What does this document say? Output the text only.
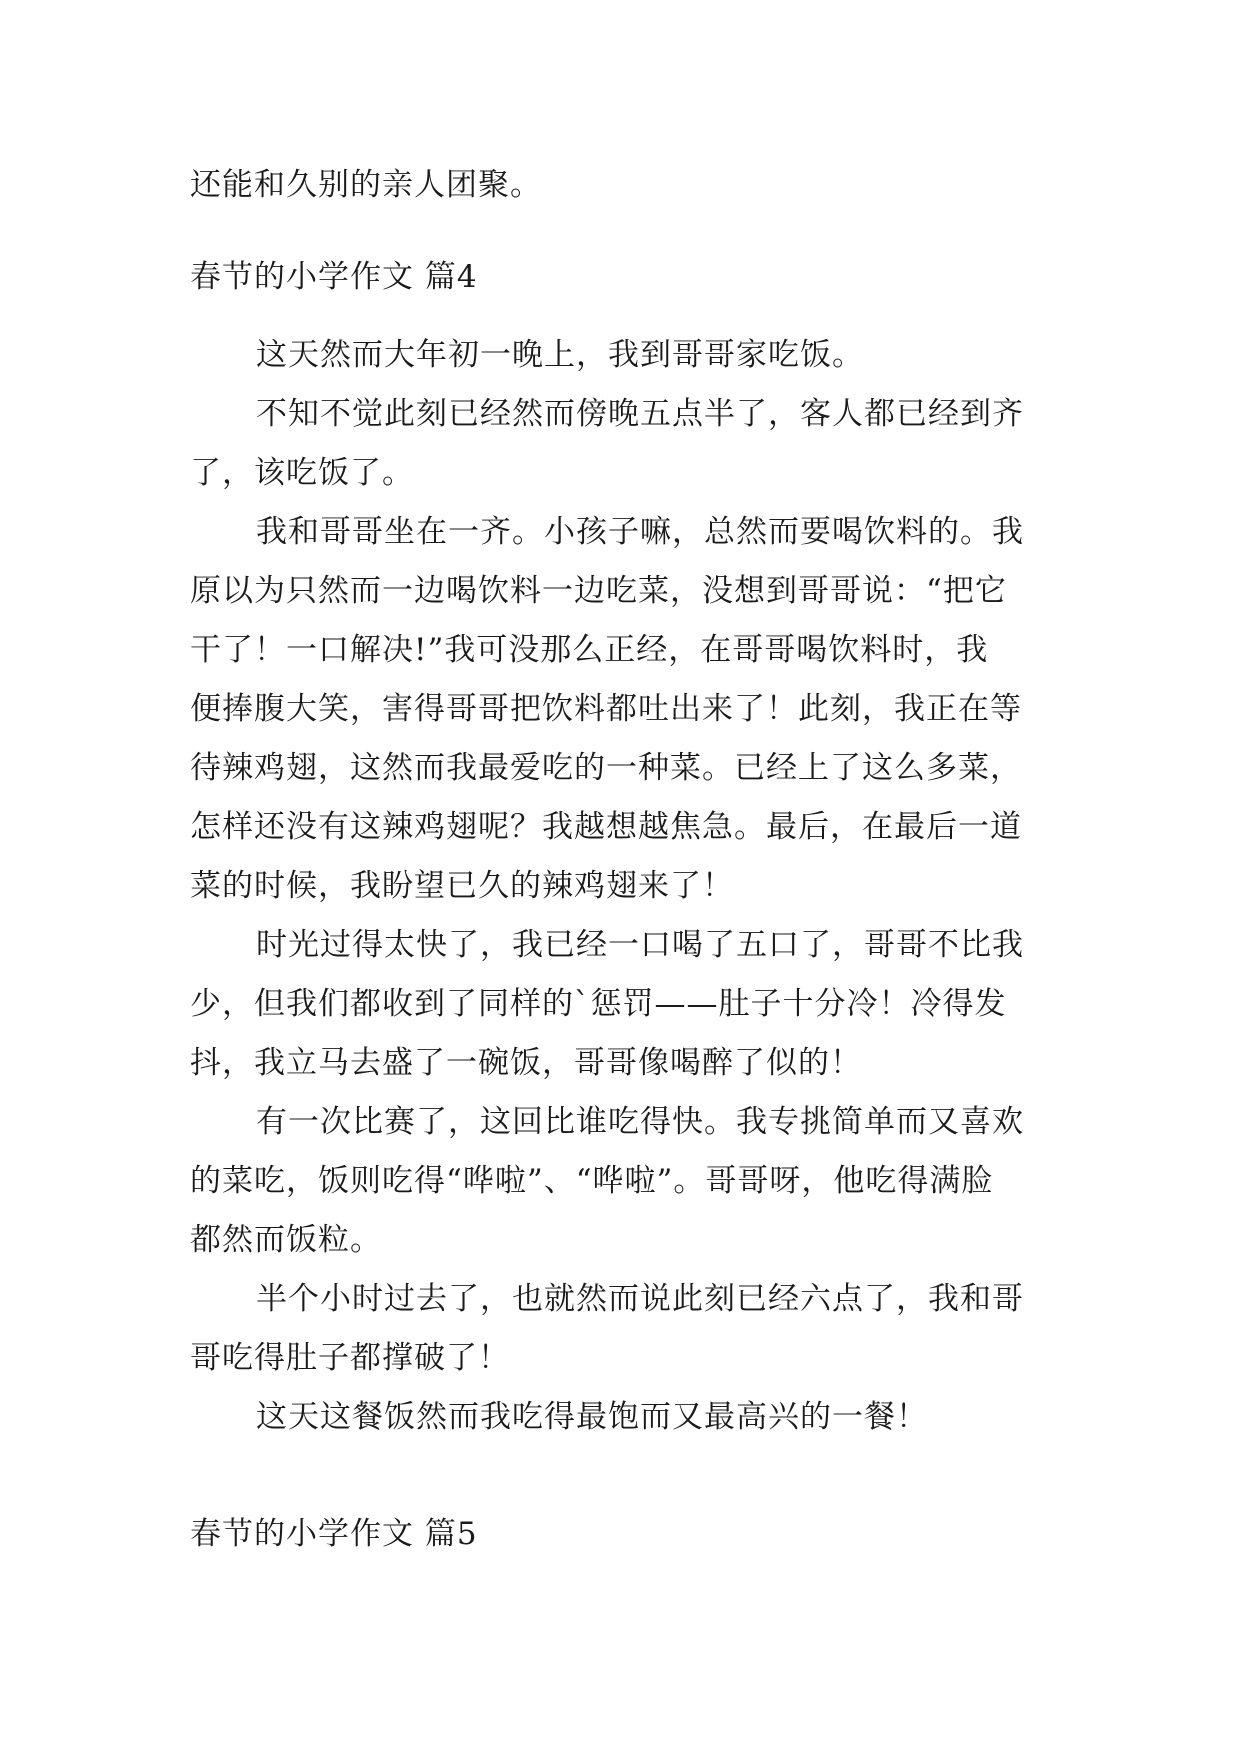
还能和久别的亲人团聚。
春节的小学作文 篇4
这天然而大年初一晚上，我到哥哥家吃饭。
不知不觉此刻已经然而傍晚五点半了，客人都已经到齐
了，该吃饭了。
我和哥哥坐在一齐。小孩子嘛，总然而要喝饮料的。我
原以为只然而一边喝饮料一边吃菜，没想到哥哥说：“把它
干了！一口解决!”我可没那么正经，在哥哥喝饮料时，我
便捧腹大笑，害得哥哥把饮料都吐出来了！此刻，我正在等
待辣鸡翅，这然而我最爱吃的一种菜。已经上了这么多菜，
怎样还没有这辣鸡翅呢？我越想越焦急。最后，在最后一道
菜的时候，我盼望已久的辣鸡翅来了！
时光过得太快了，我已经一口喝了五口了，哥哥不比我
少，但我们都收到了同样的`惩罚——肚子十分冷！冷得发
抖，我立马去盛了一碗饭，哥哥像喝醉了似的！
有一次比赛了，这回比谁吃得快。我专挑简单而又喜欢
的菜吃，饭则吃得“哗啦”、“哗啦”。哥哥呀，他吃得满脸
都然而饭粒。
半个小时过去了，也就然而说此刻已经六点了，我和哥
哥吃得肚子都撑破了！
这天这餐饭然而我吃得最饱而又最高兴的一餐！
春节的小学作文 篇5
